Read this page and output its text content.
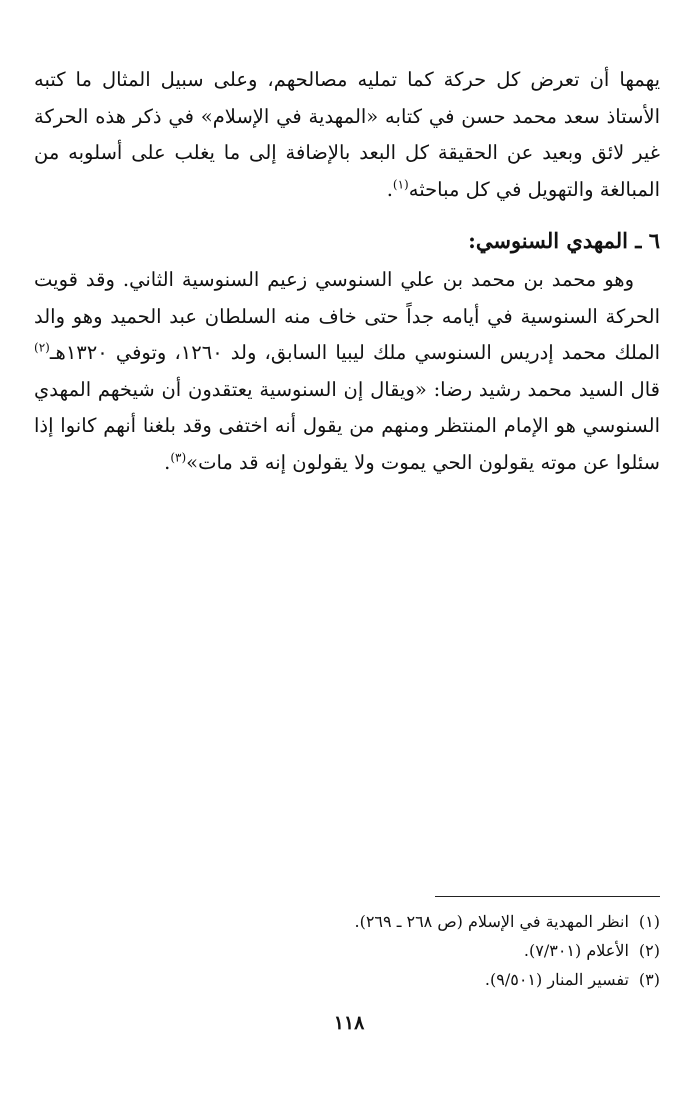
يهمها أن تعرض كل حركة كما تمليه مصالحهم، وعلى سبيل المثال ما كتبه الأستاذ سعد محمد حسن في كتابه «المهدية في الإسلام» في ذكر هذه الحركة غير لائق وبعيد عن الحقيقة كل البعد بالإضافة إلى ما يغلب على أسلوبه من المبالغة والتهويل في كل مباحثه$^{(١)}$.

٦ ـ المهدي السنوسي:

وهو محمد بن محمد بن علي السنوسي زعيم السنوسية الثاني. وقد قويت الحركة السنوسية في أيامه جداً حتى خاف منه السلطان عبد الحميد وهو والد الملك محمد إدريس السنوسي ملك ليبيا السابق، ولد ١٢٦٠، وتوفي ١٣٢٠هـ$^{(٢)}$ قال السيد محمد رشيد رضا: «ويقال إن السنوسية يعتقدون أن شيخهم المهدي السنوسي هو الإمام المنتظر ومنهم من يقول أنه اختفى وقد بلغنا أنهم كانوا إذا سئلوا عن موته يقولون الحي يموت ولا يقولون إنه قد مات»$^{(٣)}$.

(١)انظر المهدية في الإسلام (ص ٢٦٨ ـ ٢٦٩).

(٢)الأعلام (٧/٣٠١).

(٣)تفسير المنار (٩/٥٠١).

١١٨
